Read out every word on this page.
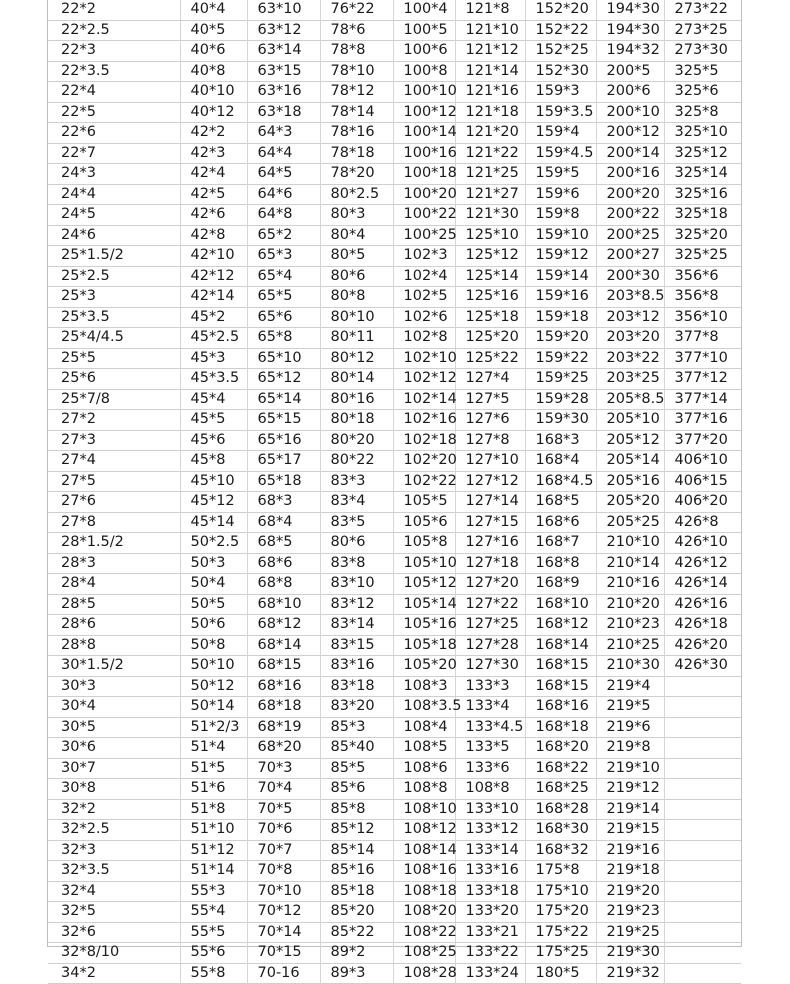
22*2	40*4	63*10	76*22	100*4	121*8	152*20	194*30	273*22
22*2.5	40*5	63*12	78*6	100*5	121*10	152*22	194*30	273*25
22*3	40*6	63*14	78*8	100*6	121*12	152*25	194*32	273*30
22*3.5	40*8	63*15	78*10	100*8	121*14	152*30	200*5	325*5
22*4	40*10	63*16	78*12	100*10	121*16	159*3	200*6	325*6
22*5	40*12	63*18	78*14	100*12	121*18	159*3.5	200*10	325*8
22*6	42*2	64*3	78*16	100*14	121*20	159*4	200*12	325*10
22*7	42*3	64*4	78*18	100*16	121*22	159*4.5	200*14	325*12
24*3	42*4	64*5	78*20	100*18	121*25	159*5	200*16	325*14
24*4	42*5	64*6	80*2.5	100*20	121*27	159*6	200*20	325*16
24*5	42*6	64*8	80*3	100*22	121*30	159*8	200*22	325*18
24*6	42*8	65*2	80*4	100*25	125*10	159*10	200*25	325*20
25*1.5/2	42*10	65*3	80*5	102*3	125*12	159*12	200*27	325*25
25*2.5	42*12	65*4	80*6	102*4	125*14	159*14	200*30	356*6
25*3	42*14	65*5	80*8	102*5	125*16	159*16	203*8.5	356*8
25*3.5	45*2	65*6	80*10	102*6	125*18	159*18	203*12	356*10
25*4/4.5	45*2.5	65*8	80*11	102*8	125*20	159*20	203*20	377*8
25*5	45*3	65*10	80*12	102*10	125*22	159*22	203*22	377*10
25*6	45*3.5	65*12	80*14	102*12	127*4	159*25	203*25	377*12
25*7/8	45*4	65*14	80*16	102*14	127*5	159*28	205*8.5	377*14
27*2	45*5	65*15	80*18	102*16	127*6	159*30	205*10	377*16
27*3	45*6	65*16	80*20	102*18	127*8	168*3	205*12	377*20
27*4	45*8	65*17	80*22	102*20	127*10	168*4	205*14	406*10
27*5	45*10	65*18	83*3	102*22	127*12	168*4.5	205*16	406*15
27*6	45*12	68*3	83*4	105*5	127*14	168*5	205*20	406*20
27*8	45*14	68*4	83*5	105*6	127*15	168*6	205*25	426*8
28*1.5/2	50*2.5	68*5	80*6	105*8	127*16	168*7	210*10	426*10
28*3	50*3	68*6	83*8	105*10	127*18	168*8	210*14	426*12
28*4	50*4	68*8	83*10	105*12	127*20	168*9	210*16	426*14
28*5	50*5	68*10	83*12	105*14	127*22	168*10	210*20	426*16
28*6	50*6	68*12	83*14	105*16	127*25	168*12	210*23	426*18
28*8	50*8	68*14	83*15	105*18	127*28	168*14	210*25	426*20
30*1.5/2	50*10	68*15	83*16	105*20	127*30	168*15	210*30	426*30
30*3	50*12	68*16	83*18	108*3	133*3	168*15	219*4	
30*4	50*14	68*18	83*20	108*3.5	133*4	168*16	219*5	
30*5	51*2/3	68*19	85*3	108*4	133*4.5	168*18	219*6	
30*6	51*4	68*20	85*40	108*5	133*5	168*20	219*8	
30*7	51*5	70*3	85*5	108*6	133*6	168*22	219*10	
30*8	51*6	70*4	85*6	108*8	108*8	168*25	219*12	
32*2	51*8	70*5	85*8	108*10	133*10	168*28	219*14	
32*2.5	51*10	70*6	85*12	108*12	133*12	168*30	219*15	
32*3	51*12	70*7	85*14	108*14	133*14	168*32	219*16	
32*3.5	51*14	70*8	85*16	108*16	133*16	175*8	219*18	
32*4	55*3	70*10	85*18	108*18	133*18	175*10	219*20	
32*5	55*4	70*12	85*20	108*20	133*20	175*20	219*23	
32*6	55*5	70*14	85*22	108*22	133*21	175*22	219*25	
32*8/10	55*6	70*15	89*2	108*25	133*22	175*25	219*30	
34*2	55*8	70-16	89*3	108*28	133*24	180*5	219*32	
